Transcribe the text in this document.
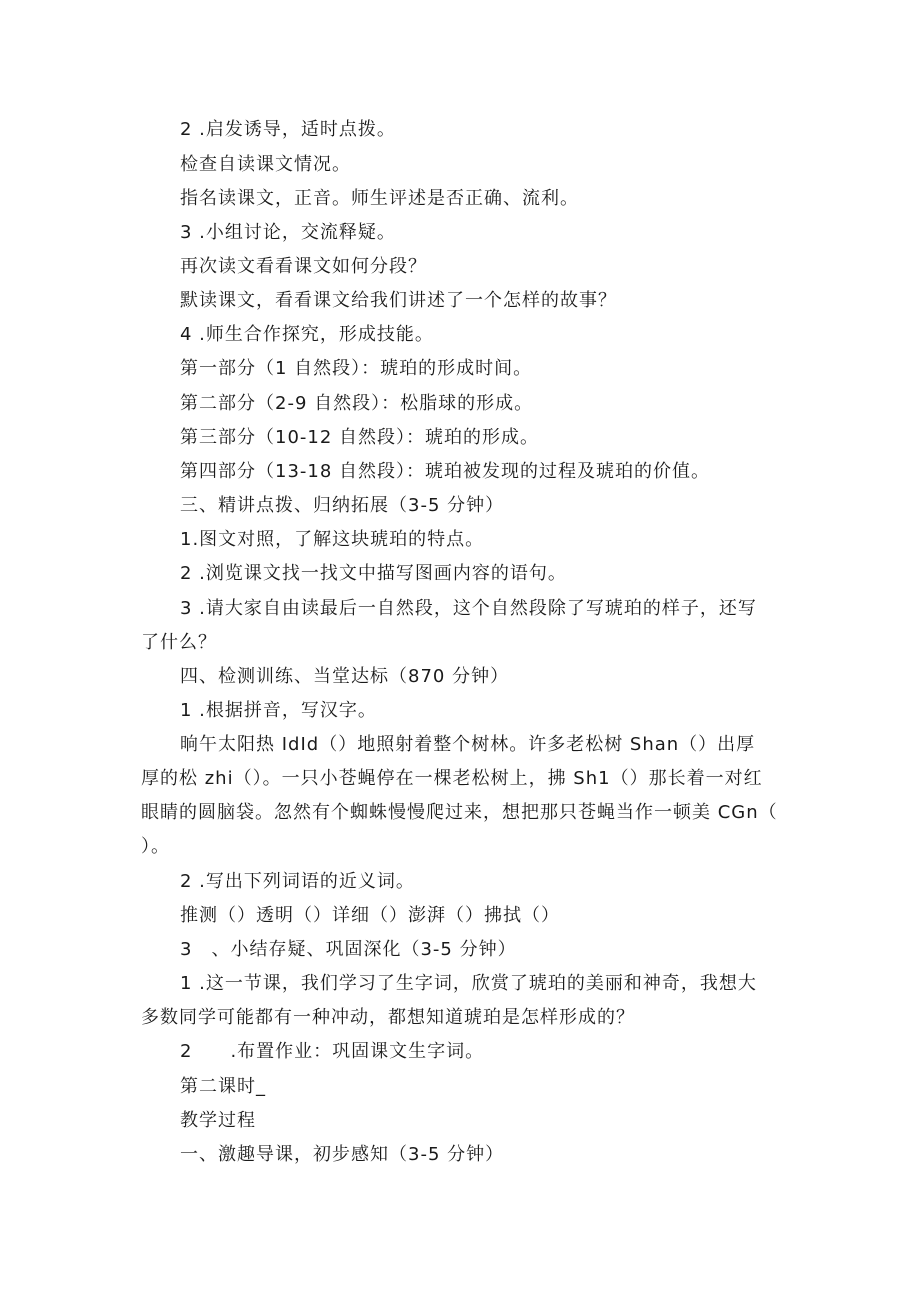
2 .启发诱导，适时点拨。
检查自读课文情况。
指名读课文，正音。师生评述是否正确、流利。
3 .小组讨论，交流释疑。
再次读文看看课文如何分段？
默读课文，看看课文给我们讲述了一个怎样的故事？
4 .师生合作探究，形成技能。
第一部分（1 自然段）：琥珀的形成时间。
第二部分（2-9 自然段）：松脂球的形成。
第三部分（10-12 自然段）：琥珀的形成。
第四部分（13-18 自然段）：琥珀被发现的过程及琥珀的价值。
三、精讲点拨、归纳拓展（3-5 分钟）
1.图文对照，了解这块琥珀的特点。
2 .浏览课文找一找文中描写图画内容的语句。
3 .请大家自由读最后一自然段，这个自然段除了写琥珀的样子，还写
了什么？
四、检测训练、当堂达标（870 分钟）
1 .根据拼音，写汉字。
晌午太阳热 IdId（）地照射着整个树林。许多老松树 Shan（）出厚
厚的松 zhi（）。一只小苍蝇停在一棵老松树上，拂 Sh1（）那长着一对红
眼睛的圆脑袋。忽然有个蜘蛛慢慢爬过来，想把那只苍蝇当作一顿美 CGn（
）。
2 .写出下列词语的近义词。
推测（）透明（）详细（）澎湃（）拂拭（）
3　、小结存疑、巩固深化（3-5 分钟）
1 .这一节课，我们学习了生字词，欣赏了琥珀的美丽和神奇，我想大
多数同学可能都有一种冲动，都想知道琥珀是怎样形成的？
2　　.布置作业：巩固课文生字词。
第二课时_
教学过程
一、激趣导课，初步感知（3-5 分钟）
